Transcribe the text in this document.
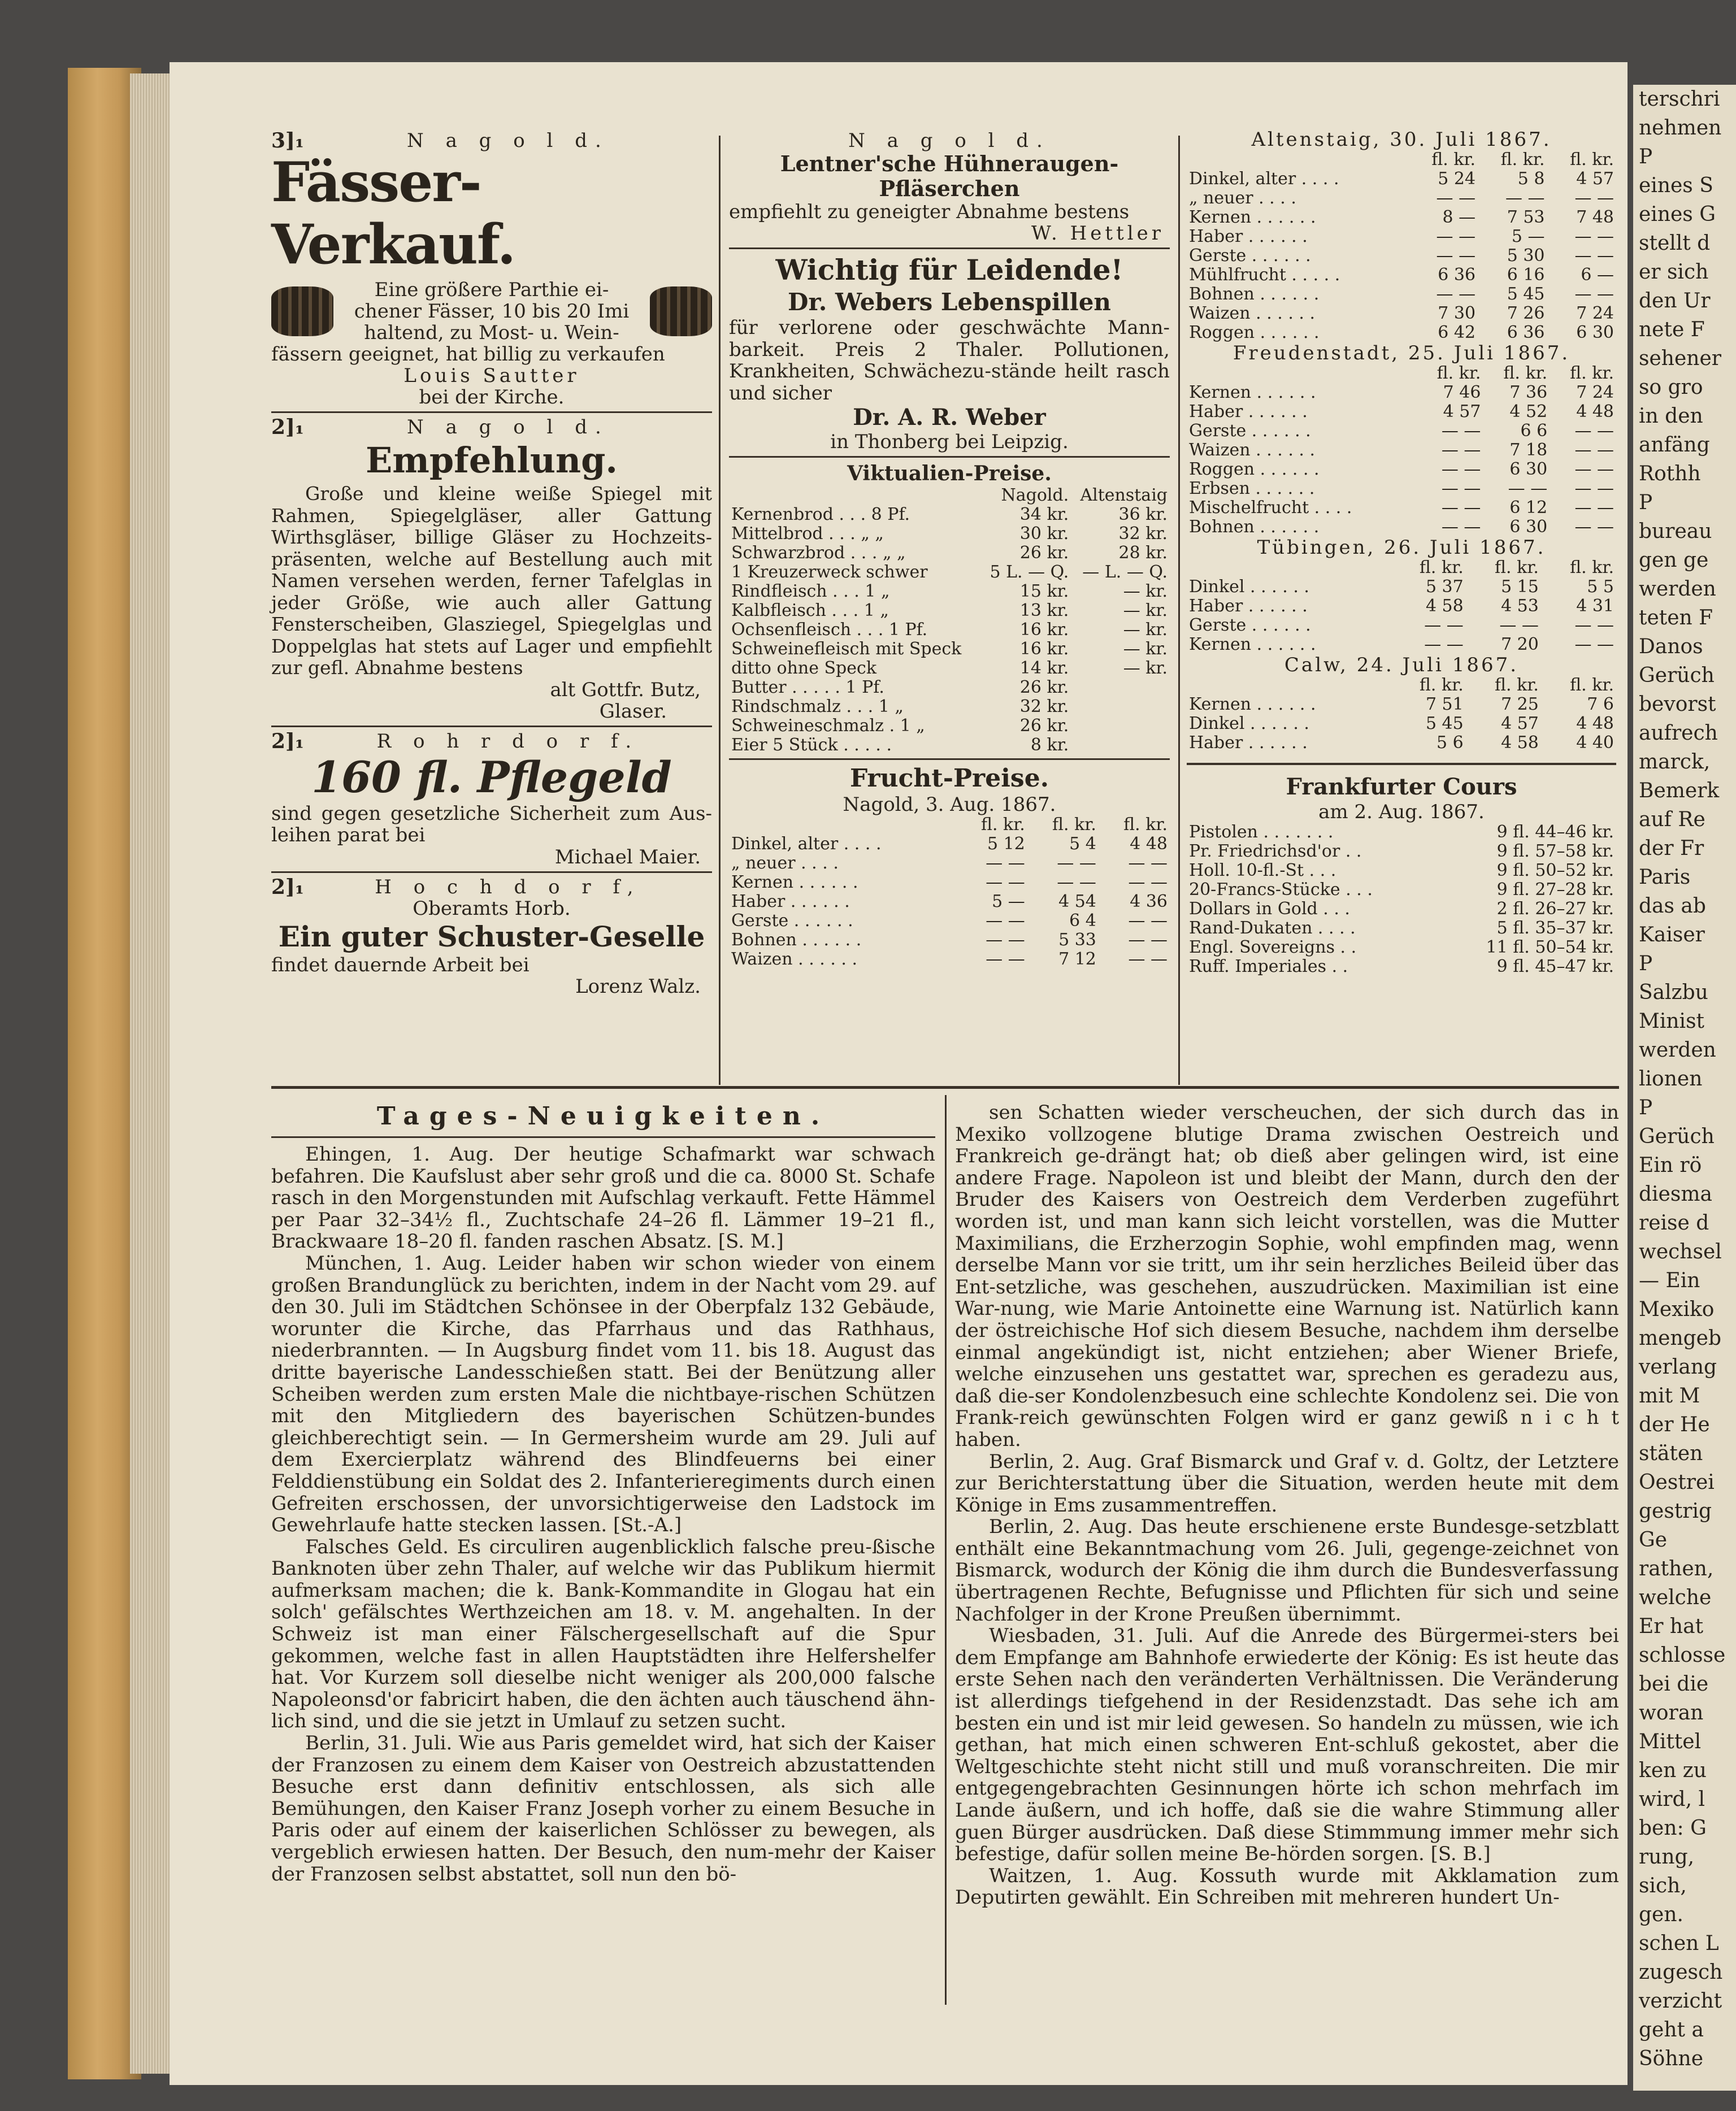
3]₁	N a g o l d.
Fässer-Verkauf.
Eine größere Parthie ei-
chener Fässer, 10 bis 20 Imi
haltend, zu Most- u. Wein-
fässern geeignet, hat billig zu verkaufen
Louis Sautter
bei der Kirche.
2]₁	N a g o l d.
Empfehlung.

Große und kleine weiße Spiegel mit Rahmen, Spiegelgläser, aller Gattung Wirthsgläser, billige Gläser zu Hochzeits-präsenten, welche auf Bestellung auch mit Namen versehen werden, ferner Tafelglas in jeder Größe, wie auch aller Gattung Fensterscheiben, Glasziegel, Spiegelglas und Doppelglas hat stets auf Lager und empfiehlt zur gefl. Abnahme bestens

alt Gottfr. Butz,
Glaser.
2]₁	R o h r d o r f.
160 fl. Pflegeld

sind gegen gesetzliche Sicherheit zum Aus-leihen parat bei

Michael Maier.
2]₁	H o c h d o r f,
Oberamts Horb.
Ein guter Schuster-Geselle
findet dauernde Arbeit bei
Lorenz Walz.
N a g o l d.
Lentner'sche Hühneraugen-
Pfläserchen
empfiehlt zu geneigter Abnahme bestens
W. Hettler
Wichtig für Leidende!
Dr. Webers Lebenspillen

für verlorene oder geschwächte Mann-barkeit. Preis 2 Thaler. Pollutionen, Krankheiten, Schwächezu-stände heilt rasch und sicher

Dr. A. R. Weber
in Thonberg bei Leipzig.
Viktualien-Preise.
	Nagold.	Altenstaig
Kernenbrod . . . 8 Pf.	34 kr.	36 kr.
Mittelbrod . . . „ „	30 kr.	32 kr.
Schwarzbrod . . . „ „	26 kr.	28 kr.
1 Kreuzerweck schwer	5 L. — Q.	— L. — Q.
Rindfleisch . . . 1 „	15 kr.	— kr.
Kalbfleisch . . . 1 „	13 kr.	— kr.
Ochsenfleisch . . . 1 Pf.	16 kr.	— kr.
Schweinefleisch mit Speck	16 kr.	— kr.
ditto ohne Speck	14 kr.	— kr.
Butter . . . . . 1 Pf.	26 kr.	
Rindschmalz . . . 1 „	32 kr.	
Schweineschmalz . 1 „	26 kr.	
Eier 5 Stück . . . . .	8 kr.	
Frucht-Preise.
Nagold, 3. Aug. 1867.
	fl. kr.	fl. kr.	fl. kr.
Dinkel, alter . . . .	5 12	5 4	4 48
„ neuer . . . .	— —	— —	— —
Kernen . . . . . .	— —	— —	— —
Haber . . . . . .	5 —	4 54	4 36
Gerste . . . . . .	— —	6 4	— —
Bohnen . . . . . .	— —	5 33	— —
Waizen . . . . . .	— —	7 12	— —
Altenstaig, 30. Juli 1867.
	fl. kr.	fl. kr.	fl. kr.
Dinkel, alter . . . .	5 24	5 8	4 57
„ neuer . . . .	— —	— —	— —
Kernen . . . . . .	8 —	7 53	7 48
Haber . . . . . .	— —	5 —	— —
Gerste . . . . . .	— —	5 30	— —
Mühlfrucht . . . . .	6 36	6 16	6 —
Bohnen . . . . . .	— —	5 45	— —
Waizen . . . . . .	7 30	7 26	7 24
Roggen . . . . . .	6 42	6 36	6 30
Freudenstadt, 25. Juli 1867.
	fl. kr.	fl. kr.	fl. kr.
Kernen . . . . . .	7 46	7 36	7 24
Haber . . . . . .	4 57	4 52	4 48
Gerste . . . . . .	— —	6 6	— —
Waizen . . . . . .	— —	7 18	— —
Roggen . . . . . .	— —	6 30	— —
Erbsen . . . . . .	— —	— —	— —
Mischelfrucht . . . .	— —	6 12	— —
Bohnen . . . . . .	— —	6 30	— —
Tübingen, 26. Juli 1867.
	fl. kr.	fl. kr.	fl. kr.
Dinkel . . . . . .	5 37	5 15	5 5
Haber . . . . . .	4 58	4 53	4 31
Gerste . . . . . .	— —	— —	— —
Kernen . . . . . .	— —	7 20	— —
Calw, 24. Juli 1867.
	fl. kr.	fl. kr.	fl. kr.
Kernen . . . . . .	7 51	7 25	7 6
Dinkel . . . . . .	5 45	4 57	4 48
Haber . . . . . .	5 6	4 58	4 40
Frankfurter Cours
am 2. Aug. 1867.
Pistolen . . . . . . .	9 fl. 44–46 kr.
Pr. Friedrichsd'or . .	9 fl. 57–58 kr.
Holl. 10-fl.-St . . .	9 fl. 50–52 kr.
20-Francs-Stücke . . .	9 fl. 27–28 kr.
Dollars in Gold . . .	2 fl. 26–27 kr.
Rand-Dukaten . . . .	5 fl. 35–37 kr.
Engl. Sovereigns . .	11 fl. 50–54 kr.
Ruff. Imperiales . .	9 fl. 45–47 kr.
Tages-Neuigkeiten.

Ehingen, 1. Aug. Der heutige Schafmarkt war schwach befahren. Die Kaufslust aber sehr groß und die ca. 8000 St. Schafe rasch in den Morgenstunden mit Aufschlag verkauft. Fette Hämmel per Paar 32–34½ fl., Zuchtschafe 24–26 fl. Lämmer 19–21 fl., Brackwaare 18–20 fl. fanden raschen Absatz. [S. M.]

München, 1. Aug. Leider haben wir schon wieder von einem großen Brandunglück zu berichten, indem in der Nacht vom 29. auf den 30. Juli im Städtchen Schönsee in der Oberpfalz 132 Gebäude, worunter die Kirche, das Pfarrhaus und das Rathhaus, niederbrannten. — In Augsburg findet vom 11. bis 18. August das dritte bayerische Landesschießen statt. Bei der Benützung aller Scheiben werden zum ersten Male die nichtbaye-rischen Schützen mit den Mitgliedern des bayerischen Schützen-bundes gleichberechtigt sein. — In Germersheim wurde am 29. Juli auf dem Exercierplatz während des Blindfeuerns bei einer Felddienstübung ein Soldat des 2. Infanterieregiments durch einen Gefreiten erschossen, der unvorsichtigerweise den Ladstock im Gewehrlaufe hatte stecken lassen. [St.-A.]

Falsches Geld. Es circuliren augenblicklich falsche preu-ßische Banknoten über zehn Thaler, auf welche wir das Publikum hiermit aufmerksam machen; die k. Bank-Kommandite in Glogau hat ein solch' gefälschtes Werthzeichen am 18. v. M. angehalten. In der Schweiz ist man einer Fälschergesellschaft auf die Spur gekommen, welche fast in allen Hauptstädten ihre Helfershelfer hat. Vor Kurzem soll dieselbe nicht weniger als 200,000 falsche Napoleonsd'or fabricirt haben, die den ächten auch täuschend ähn-lich sind, und die sie jetzt in Umlauf zu setzen sucht.

Berlin, 31. Juli. Wie aus Paris gemeldet wird, hat sich der Kaiser der Franzosen zu einem dem Kaiser von Oestreich abzustattenden Besuche erst dann definitiv entschlossen, als sich alle Bemühungen, den Kaiser Franz Joseph vorher zu einem Besuche in Paris oder auf einem der kaiserlichen Schlösser zu bewegen, als vergeblich erwiesen hatten. Der Besuch, den num-mehr der Kaiser der Franzosen selbst abstattet, soll nun den bö-

sen Schatten wieder verscheuchen, der sich durch das in Mexiko vollzogene blutige Drama zwischen Oestreich und Frankreich ge-drängt hat; ob dieß aber gelingen wird, ist eine andere Frage. Napoleon ist und bleibt der Mann, durch den der Bruder des Kaisers von Oestreich dem Verderben zugeführt worden ist, und man kann sich leicht vorstellen, was die Mutter Maximilians, die Erzherzogin Sophie, wohl empfinden mag, wenn derselbe Mann vor sie tritt, um ihr sein herzliches Beileid über das Ent-setzliche, was geschehen, auszudrücken. Maximilian ist eine War-nung, wie Marie Antoinette eine Warnung ist. Natürlich kann der östreichische Hof sich diesem Besuche, nachdem ihm derselbe einmal angekündigt ist, nicht entziehen; aber Wiener Briefe, welche einzusehen uns gestattet war, sprechen es geradezu aus, daß die-ser Kondolenzbesuch eine schlechte Kondolenz sei. Die von Frank-reich gewünschten Folgen wird er ganz gewiß n i c h t haben.

Berlin, 2. Aug. Graf Bismarck und Graf v. d. Goltz, der Letztere zur Berichterstattung über die Situation, werden heute mit dem Könige in Ems zusammentreffen.

Berlin, 2. Aug. Das heute erschienene erste Bundesge-setzblatt enthält eine Bekanntmachung vom 26. Juli, gegenge-zeichnet von Bismarck, wodurch der König die ihm durch die Bundesverfassung übertragenen Rechte, Befugnisse und Pflichten für sich und seine Nachfolger in der Krone Preußen übernimmt.

Wiesbaden, 31. Juli. Auf die Anrede des Bürgermei-sters bei dem Empfange am Bahnhofe erwiederte der König: Es ist heute das erste Sehen nach den veränderten Verhältnissen. Die Veränderung ist allerdings tiefgehend in der Residenzstadt. Das sehe ich am besten ein und ist mir leid gewesen. So handeln zu müssen, wie ich gethan, hat mich einen schweren Ent-schluß gekostet, aber die Weltgeschichte steht nicht still und muß voranschreiten. Die mir entgegengebrachten Gesinnungen hörte ich schon mehrfach im Lande äußern, und ich hoffe, daß sie die wahre Stimmung aller guen Bürger ausdrücken. Daß diese Stimmmung immer mehr sich befestige, dafür sollen meine Be-hörden sorgen. [S. B.]

Waitzen, 1. Aug. Kossuth wurde mit Akklamation zum Deputirten gewählt. Ein Schreiben mit mehreren hundert Un-

terschri
nehmen
P
eines S
eines G
stellt d
er sich
den Ur
nete F
sehener
so gro
in den
anfäng
Rothh
P
bureau
gen ge
werden
teten F
Danos
Gerüch
bevorst
aufrech
marck,
Bemerk
auf Re
der Fr
Paris
das ab
Kaiser
P
Salzbu
Minist
werden
lionen
P
Gerüch
Ein rö
diesma
reise d
wechsel
— Ein
Mexiko
mengeb
verlang
mit M
der He
stäten
Oestrei
gestrig
Ge
rathen,
welche
Er hat
schlosse
bei die
woran
Mittel
ken zu
wird, l
ben: G
rung,
sich,
gen.
schen L
zugesch
verzicht
geht a
Söhne
